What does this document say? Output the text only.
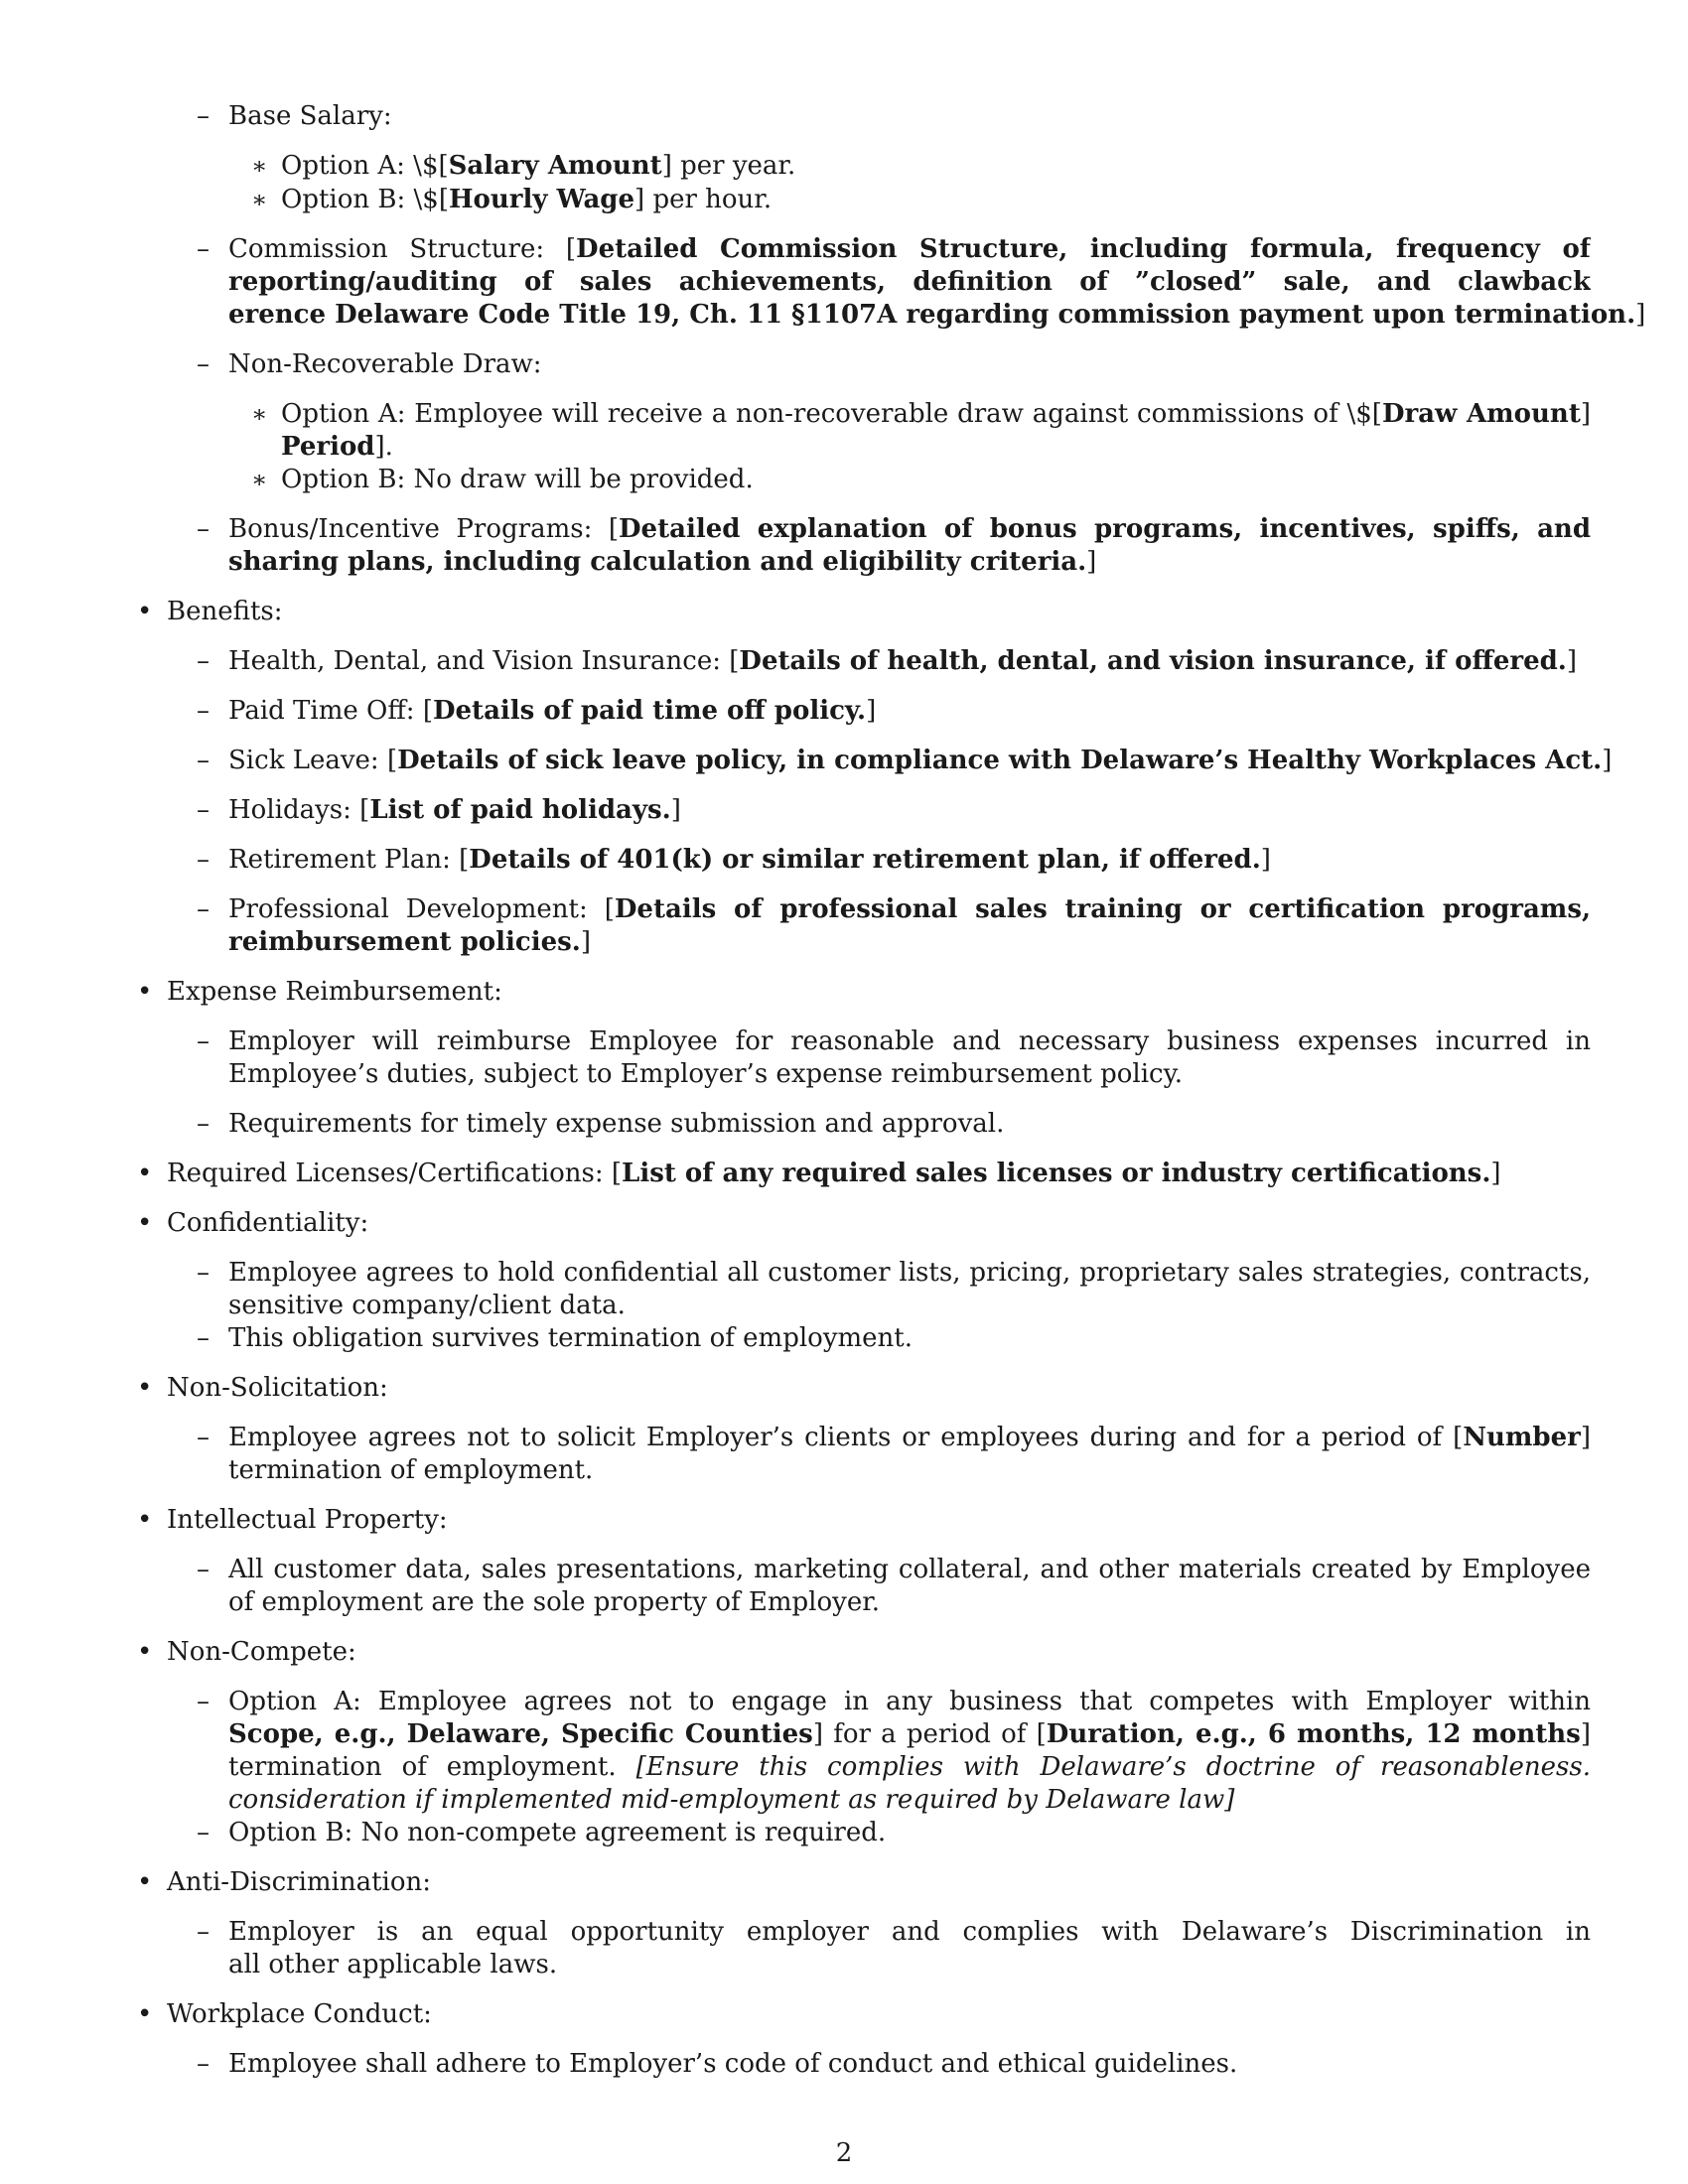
– Base Salary:
∗ Option A: \$[Salary Amount] per year.
∗ Option B: \$[Hourly Wage] per hour.
– Commission Structure: [Detailed Commission Structure, including formula, frequency of
reporting/auditing of sales achievements, definition of ”closed” sale, and clawback
erence Delaware Code Title 19, Ch. 11 §1107A regarding commission payment upon termination.]
– Non-Recoverable Draw:
∗ Option A: Employee will receive a non-recoverable draw against commissions of \$[Draw Amount]
Period].
∗ Option B: No draw will be provided.
– Bonus/Incentive Programs: [Detailed explanation of bonus programs, incentives, spiffs, and
sharing plans, including calculation and eligibility criteria.]
• Benefits:
– Health, Dental, and Vision Insurance: [Details of health, dental, and vision insurance, if offered.]
– Paid Time Off: [Details of paid time off policy.]
– Sick Leave: [Details of sick leave policy, in compliance with Delaware’s Healthy Workplaces Act.]
– Holidays: [List of paid holidays.]
– Retirement Plan: [Details of 401(k) or similar retirement plan, if offered.]
– Professional Development: [Details of professional sales training or certification programs,
reimbursement policies.]
• Expense Reimbursement:
– Employer will reimburse Employee for reasonable and necessary business expenses incurred in
Employee’s duties, subject to Employer’s expense reimbursement policy.
– Requirements for timely expense submission and approval.
• Required Licenses/Certifications: [List of any required sales licenses or industry certifications.]
• Confidentiality:
– Employee agrees to hold confidential all customer lists, pricing, proprietary sales strategies, contracts,
sensitive company/client data.
– This obligation survives termination of employment.
• Non-Solicitation:
– Employee agrees not to solicit Employer’s clients or employees during and for a period of [Number]
termination of employment.
• Intellectual Property:
– All customer data, sales presentations, marketing collateral, and other materials created by Employee
of employment are the sole property of Employer.
• Non-Compete:
– Option A: Employee agrees not to engage in any business that competes with Employer within
Scope, e.g., Delaware, Specific Counties] for a period of [Duration, e.g., 6 months, 12 months]
termination of employment. [Ensure this complies with Delaware’s doctrine of reasonableness.
consideration if implemented mid-employment as required by Delaware law]
– Option B: No non-compete agreement is required.
• Anti-Discrimination:
– Employer is an equal opportunity employer and complies with Delaware’s Discrimination in
all other applicable laws.
• Workplace Conduct:
– Employee shall adhere to Employer’s code of conduct and ethical guidelines.
2
